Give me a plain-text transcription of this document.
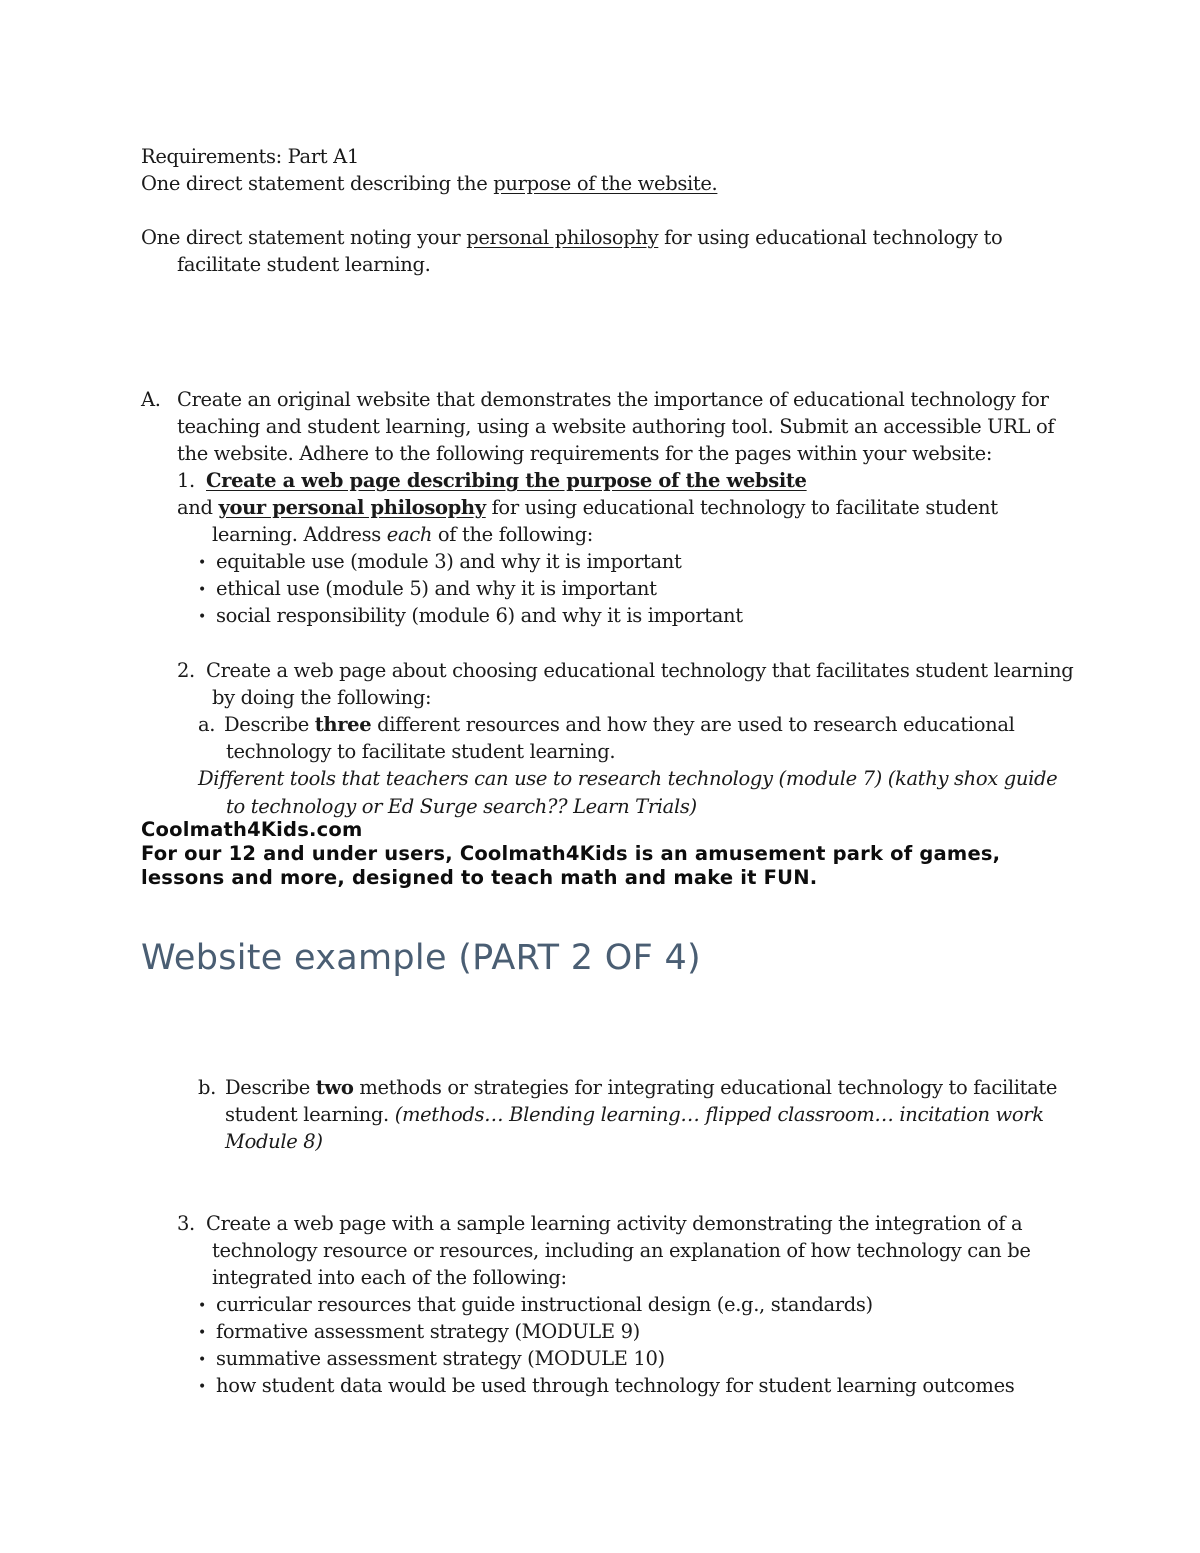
Requirements: Part A1
One direct statement describing the purpose of the website.
One direct statement noting your personal philosophy for using educational technology to
facilitate student learning.
A. Create an original website that demonstrates the importance of educational technology for
teaching and student learning, using a website authoring tool. Submit an accessible URL of
the website. Adhere to the following requirements for the pages within your website:
1. Create a web page describing the purpose of the website
and your personal philosophy for using educational technology to facilitate student
learning. Address each of the following:
• equitable use (module 3) and why it is important
• ethical use (module 5) and why it is important
• social responsibility (module 6) and why it is important
2. Create a web page about choosing educational technology that facilitates student learning
by doing the following:
a. Describe three different resources and how they are used to research educational
technology to facilitate student learning.
Different tools that teachers can use to research technology (module 7) (kathy shox guide
to technology or Ed Surge search?? Learn Trials)
Coolmath4Kids.com
For our 12 and under users, Coolmath4Kids is an amusement park of games,
lessons and more, designed to teach math and make it FUN.
Website example (PART 2 OF 4)
b. Describe two methods or strategies for integrating educational technology to facilitate
student learning. (methods… Blending learning… flipped classroom… incitation work
Module 8)
3. Create a web page with a sample learning activity demonstrating the integration of a
technology resource or resources, including an explanation of how technology can be
integrated into each of the following:
• curricular resources that guide instructional design (e.g., standards)
• formative assessment strategy (MODULE 9)
• summative assessment strategy (MODULE 10)
• how student data would be used through technology for student learning outcomes
